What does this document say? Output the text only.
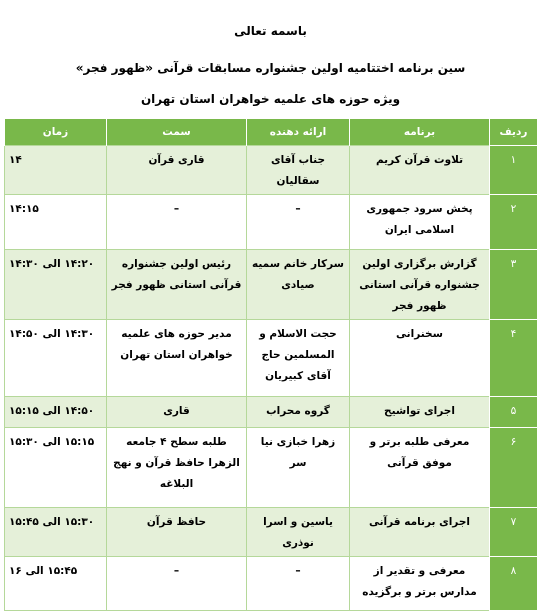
باسمه تعالی
سین برنامه اختتامیه اولین جشنواره مسابقات قرآنی «ظهور فجر»
ویژه حوزه های علمیه خواهران استان تهران
ردیف	برنامه	ارائه دهنده	سمت	زمان
۱	تلاوت قرآن کریم	جناب آقای سقالیان	قاری قرآن	۱۴
۲	پخش سرود جمهوری اسلامی ایران	–	–	۱۴:۱۵
۳	گزارش برگزاری اولین جشنواره قرآنی استانی ظهور فجر	سرکار خانم سمیه صیادی	رئیس اولین جشنواره قرآنی استانی ظهور فجر	۱۴:۲۰ الی ۱۴:۳۰
۴	سخنرانی	حجت الاسلام و المسلمین حاج آقای کبیریان	مدیر حوزه های علمیه خواهران استان تهران	۱۴:۳۰ الی ۱۴:۵۰
۵	اجرای تواشیح	گروه محراب	قاری	۱۴:۵۰ الی ۱۵:۱۵
۶	معرفی طلبه برتر و موفق قرآنی	زهرا خبازی نیا سر	طلبه سطح ۴ جامعه الزهرا حافظ قرآن و نهج البلاغه	۱۵:۱۵ الی ۱۵:۳۰
۷	اجرای برنامه قرآنی	یاسین و اسرا نوذری	حافظ قرآن	۱۵:۳۰ الی ۱۵:۴۵
۸	معرفی و تقدیر از مدارس برتر و برگزیده	–	–	۱۵:۴۵ الی ۱۶
